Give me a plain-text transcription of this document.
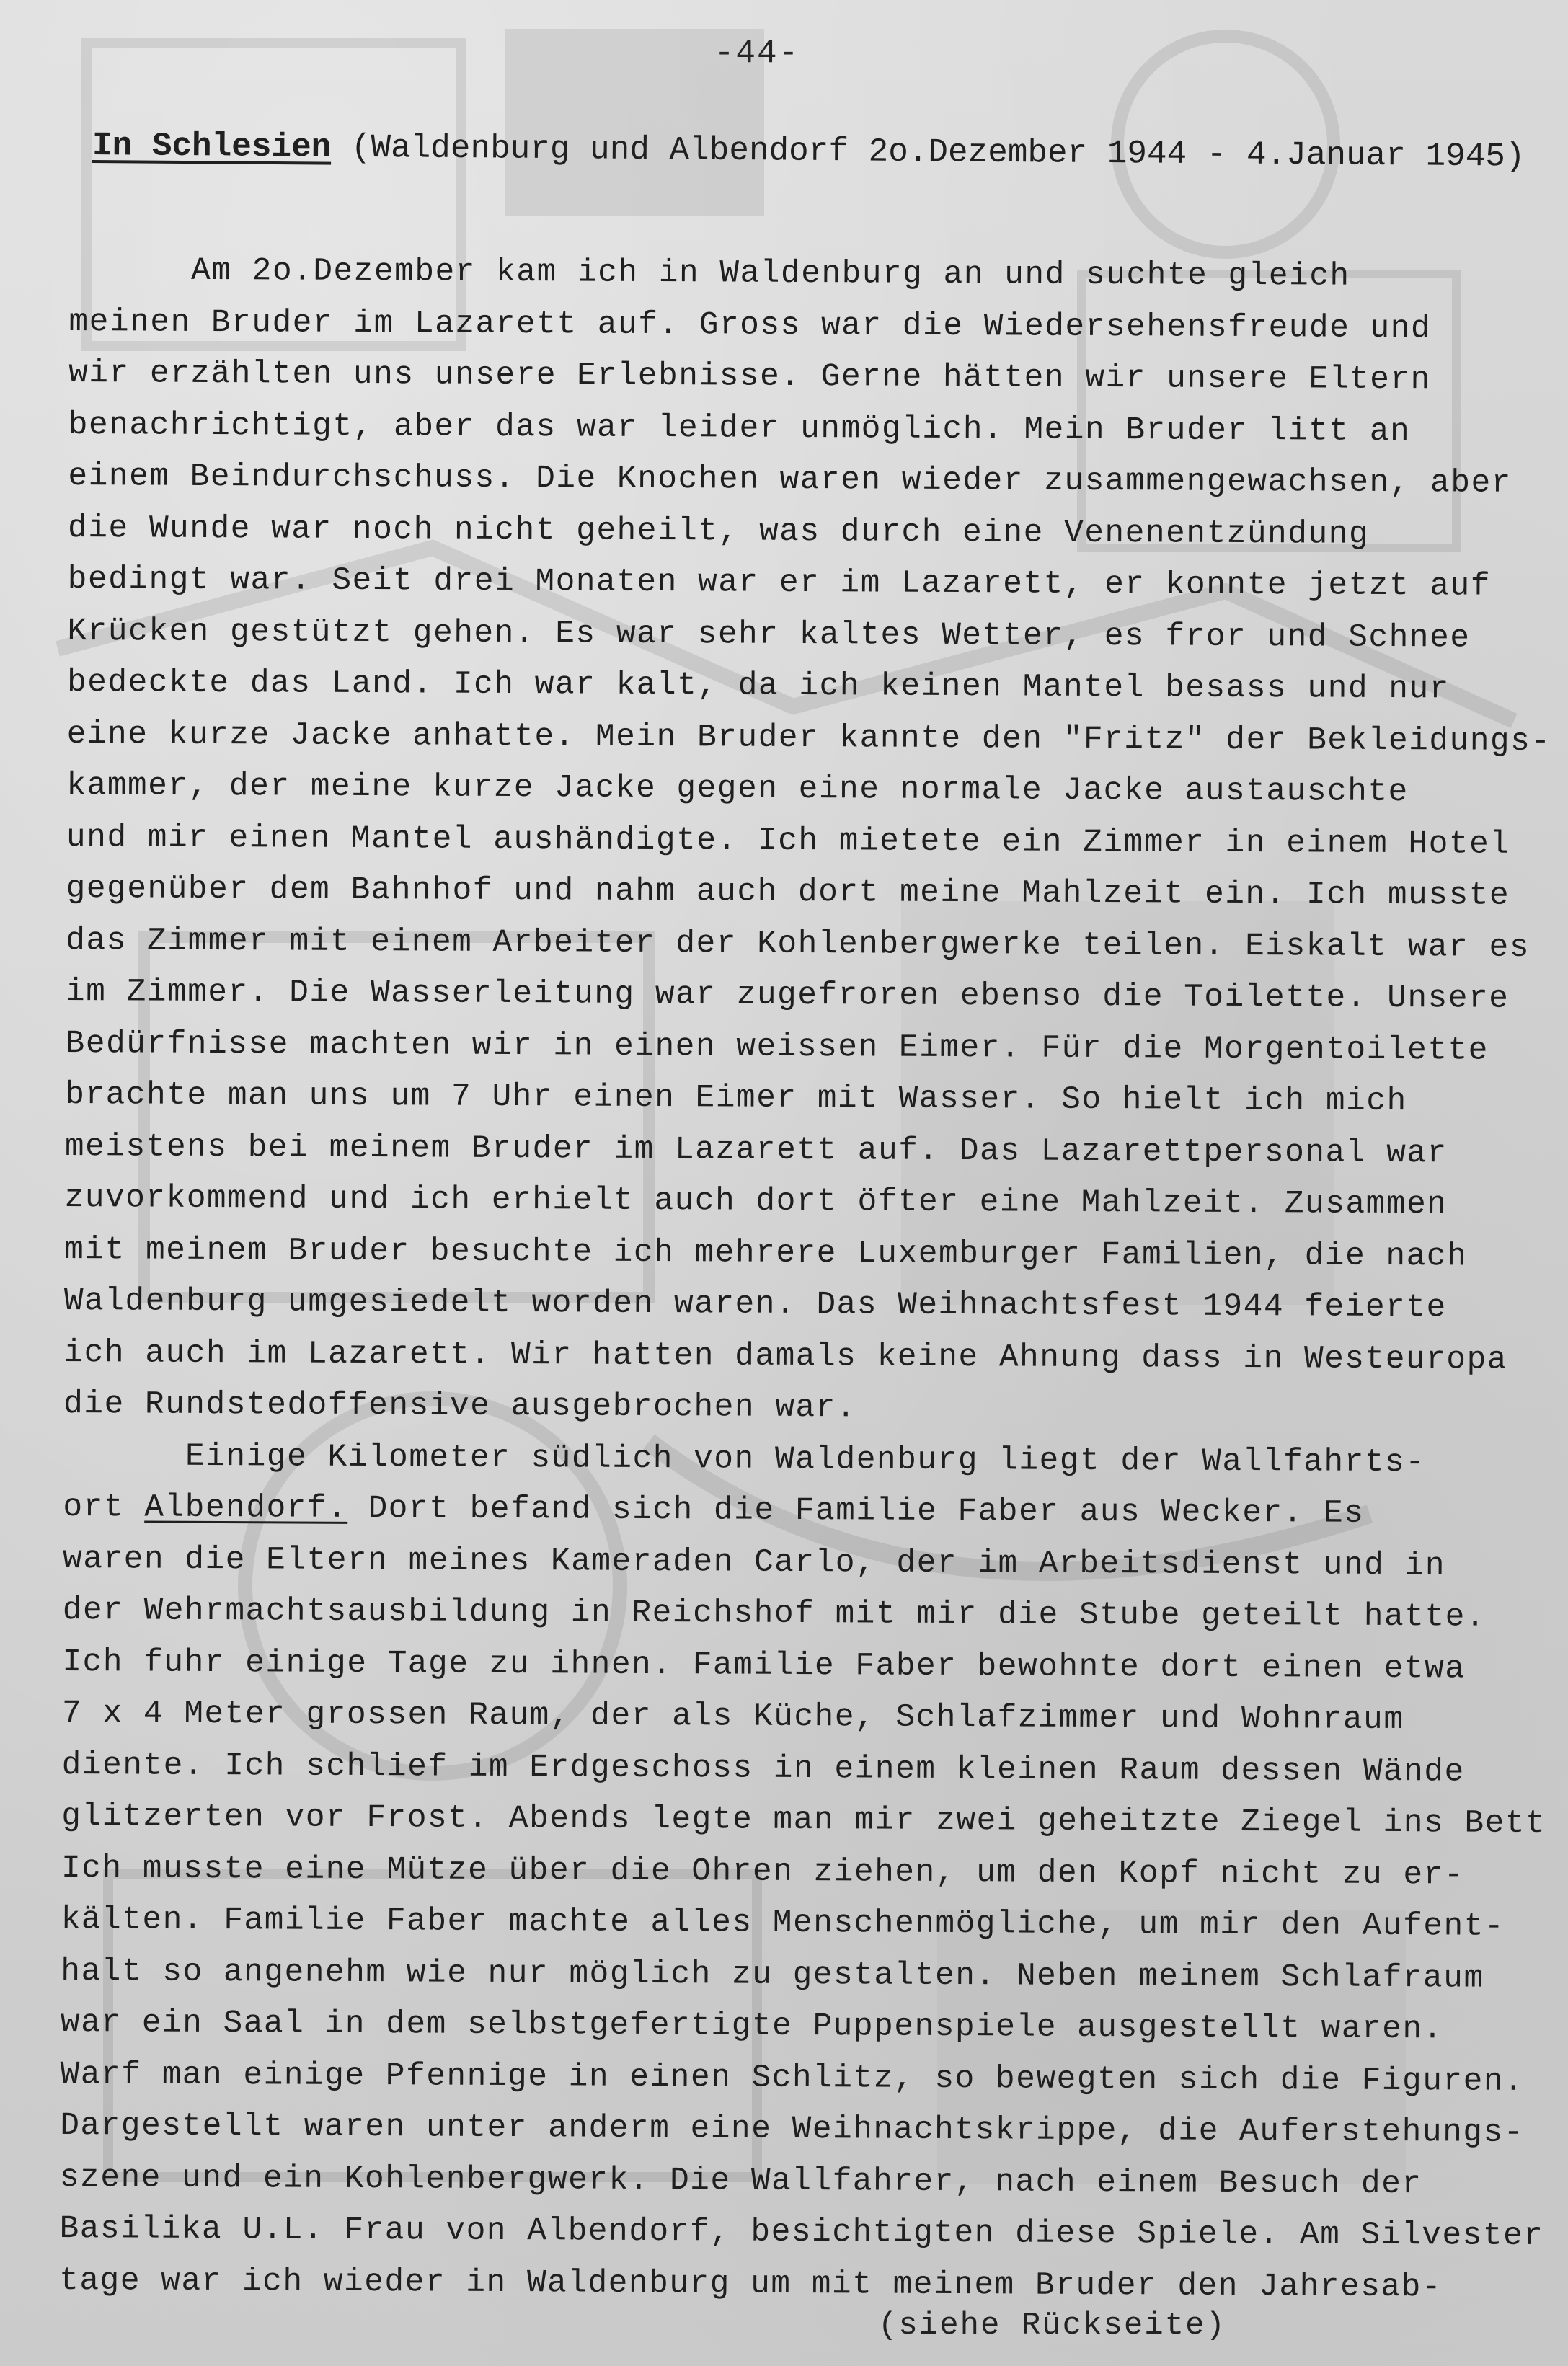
-44-
In Schlesien (Waldenburg und Albendorf 2o.Dezember 1944 - 4.Januar 1945)
Am 2o.Dezember kam ich in Waldenburg an und suchte gleich
meinen Bruder im Lazarett auf. Gross war die Wiedersehensfreude und
wir erzählten uns unsere Erlebnisse. Gerne hätten wir unsere Eltern
benachrichtigt, aber das war leider unmöglich. Mein Bruder litt an
einem Beindurchschuss. Die Knochen waren wieder zusammengewachsen, aber
die Wunde war noch nicht geheilt, was durch eine Venenentzündung
bedingt war. Seit drei Monaten war er im Lazarett, er konnte jetzt auf
Krücken gestützt gehen. Es war sehr kaltes Wetter, es fror und Schnee
bedeckte das Land. Ich war kalt, da ich keinen Mantel besass und nur
eine kurze Jacke anhatte. Mein Bruder kannte den "Fritz" der Bekleidungs-
kammer, der meine kurze Jacke gegen eine normale Jacke austauschte
und mir einen Mantel aushändigte. Ich mietete ein Zimmer in einem Hotel
gegenüber dem Bahnhof und nahm auch dort meine Mahlzeit ein. Ich musste
das Zimmer mit einem Arbeiter der Kohlenbergwerke teilen. Eiskalt war es
im Zimmer. Die Wasserleitung war zugefroren ebenso die Toilette. Unsere
Bedürfnisse machten wir in einen weissen Eimer. Für die Morgentoilette
brachte man uns um 7 Uhr einen Eimer mit Wasser. So hielt ich mich
meistens bei meinem Bruder im Lazarett auf. Das Lazarettpersonal war
zuvorkommend und ich erhielt auch dort öfter eine Mahlzeit. Zusammen
mit meinem Bruder besuchte ich mehrere Luxemburger Familien, die nach
Waldenburg umgesiedelt worden waren. Das Weihnachtsfest 1944 feierte
ich auch im Lazarett. Wir hatten damals keine Ahnung dass in Westeuropa
die Rundstedoffensive ausgebrochen war.
Einige Kilometer südlich von Waldenburg liegt der Wallfahrts-
ort Albendorf. Dort befand sich die Familie Faber aus Wecker. Es
waren die Eltern meines Kameraden Carlo, der im Arbeitsdienst und in
der Wehrmachtsausbildung in Reichshof mit mir die Stube geteilt hatte.
Ich fuhr einige Tage zu ihnen. Familie Faber bewohnte dort einen etwa
7 x 4 Meter grossen Raum, der als Küche, Schlafzimmer und Wohnraum
diente. Ich schlief im Erdgeschoss in einem kleinen Raum dessen Wände
glitzerten vor Frost. Abends legte man mir zwei geheitzte Ziegel ins Bett
Ich musste eine Mütze über die Ohren ziehen, um den Kopf nicht zu er-
kälten. Familie Faber machte alles Menschenmögliche, um mir den Aufent-
halt so angenehm wie nur möglich zu gestalten. Neben meinem Schlafraum
war ein Saal in dem selbstgefertigte Puppenspiele ausgestellt waren.
Warf man einige Pfennige in einen Schlitz, so bewegten sich die Figuren.
Dargestellt waren unter anderm eine Weihnachtskrippe, die Auferstehungs-
szene und ein Kohlenbergwerk. Die Wallfahrer, nach einem Besuch der
Basilika U.L. Frau von Albendorf, besichtigten diese Spiele. Am Silvester
tage war ich wieder in Waldenburg um mit meinem Bruder den Jahresab-
(siehe Rückseite)
